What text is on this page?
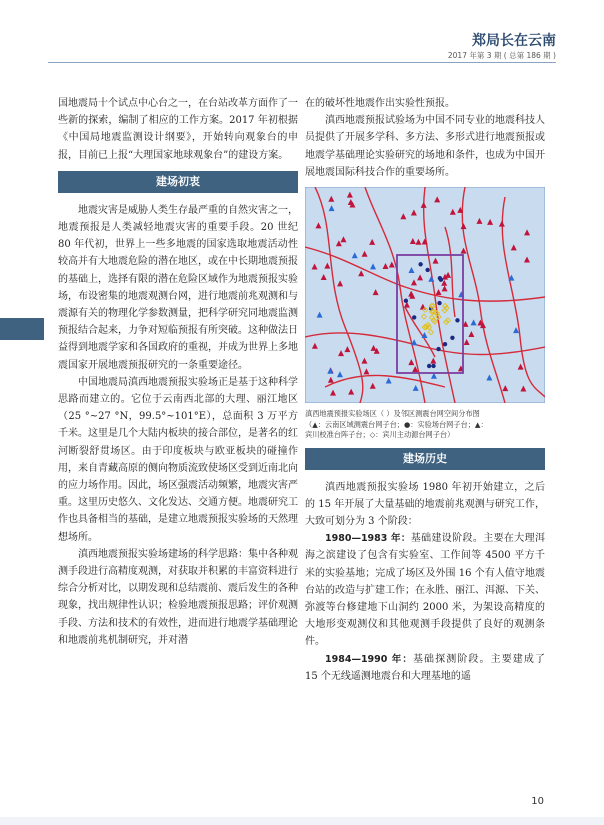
郑局长在云南
2017 年第 3 期 ( 总第 186 期 )

国地震局十个试点中心台之一，在台站改革方面作了一些新的探索，编制了相应的工作方案。2017 年初根据《中国局地震监测设计纲要》，开始转向观象台的申报，目前已上报“大理国家地球观象台”的建设方案。

建场初衷

地震灾害是威胁人类生存最严重的自然灾害之一，地震预报是人类减轻地震灾害的重要手段。20 世纪 80 年代初，世界上一些多地震的国家选取地震活动性较高并有大地震危险的潜在地区，或在中长期地震预报的基础上，选择有限的潜在危险区域作为地震预报实验场，布设密集的地震观测台网，进行地震前兆观测和与震源有关的物理化学参数测量，把科学研究同地震监测预报结合起来，力争对短临预报有所突破。这种做法日益得到地震学家和各国政府的重视，并成为世界上多地震国家开展地震预报研究的一条重要途径。

中国地震局滇西地震预报实验场正是基于这种科学思路而建立的。它位于云南西北部的大理、丽江地区（25 °~27 °N，99.5°~101°E），总面积 3 万平方千米。这里是几个大陆内板块的接合部位，是著名的红河断裂舒贯场区。由于印度板块与欧亚板块的碰撞作用，来自青藏高原的侧向物质流致使场区受到近南北向的应力场作用。因此，场区强震活动频繁，地震灾害严重。这里历史悠久、文化发达、交通方便。地震研究工作也具备相当的基础，是建立地震预报实验场的天然理想场所。

滇西地震预报实验场建场的科学思路：集中各种观测手段进行高精度观测，对获取并积累的丰富资料进行综合分析对比，以期发现和总结震前、震后发生的各种现象，找出规律性认识；检验地震预报思路；评价观测手段、方法和技术的有效性，进而进行地震学基础理论和地震前兆机制研究，并对潜

在的破坏性地震作出实验性预报。

滇西地震预报试验场为中国不同专业的地震科技人员提供了开展多学科、多方法、多形式进行地震预报或地震学基础理论实验研究的场地和条件，也成为中国开展地震国际科技合作的重要场所。

滇西地震预报实验场区（ ）及邻区测震台网空间分布图
（▲：云南区域测震台网子台；●：实验场台网子台；▲：
宾川校准台阵子台；◇：宾川主动源台网子台）
建场历史

滇西地震预报实验场 1980 年初开始建立，之后的 15 年开展了大量基础的地震前兆观测与研究工作，大致可划分为 3 个阶段：

1980—1983 年：基础建设阶段。主要在大理洱海之滨建设了包含有实验室、工作间等 4500 平方千米的实验基地；完成了场区及外围 16 个有人值守地震台站的改造与扩建工作；在永胜、丽江、洱源、下关、弥渡等台修建地下山洞约 2000 米，为架设高精度的大地形变观测仪和其他观测手段提供了良好的观测条件。

1984—1990 年：基础探测阶段。主要建成了 15 个无线遥测地震台和大理基地的遥

10
